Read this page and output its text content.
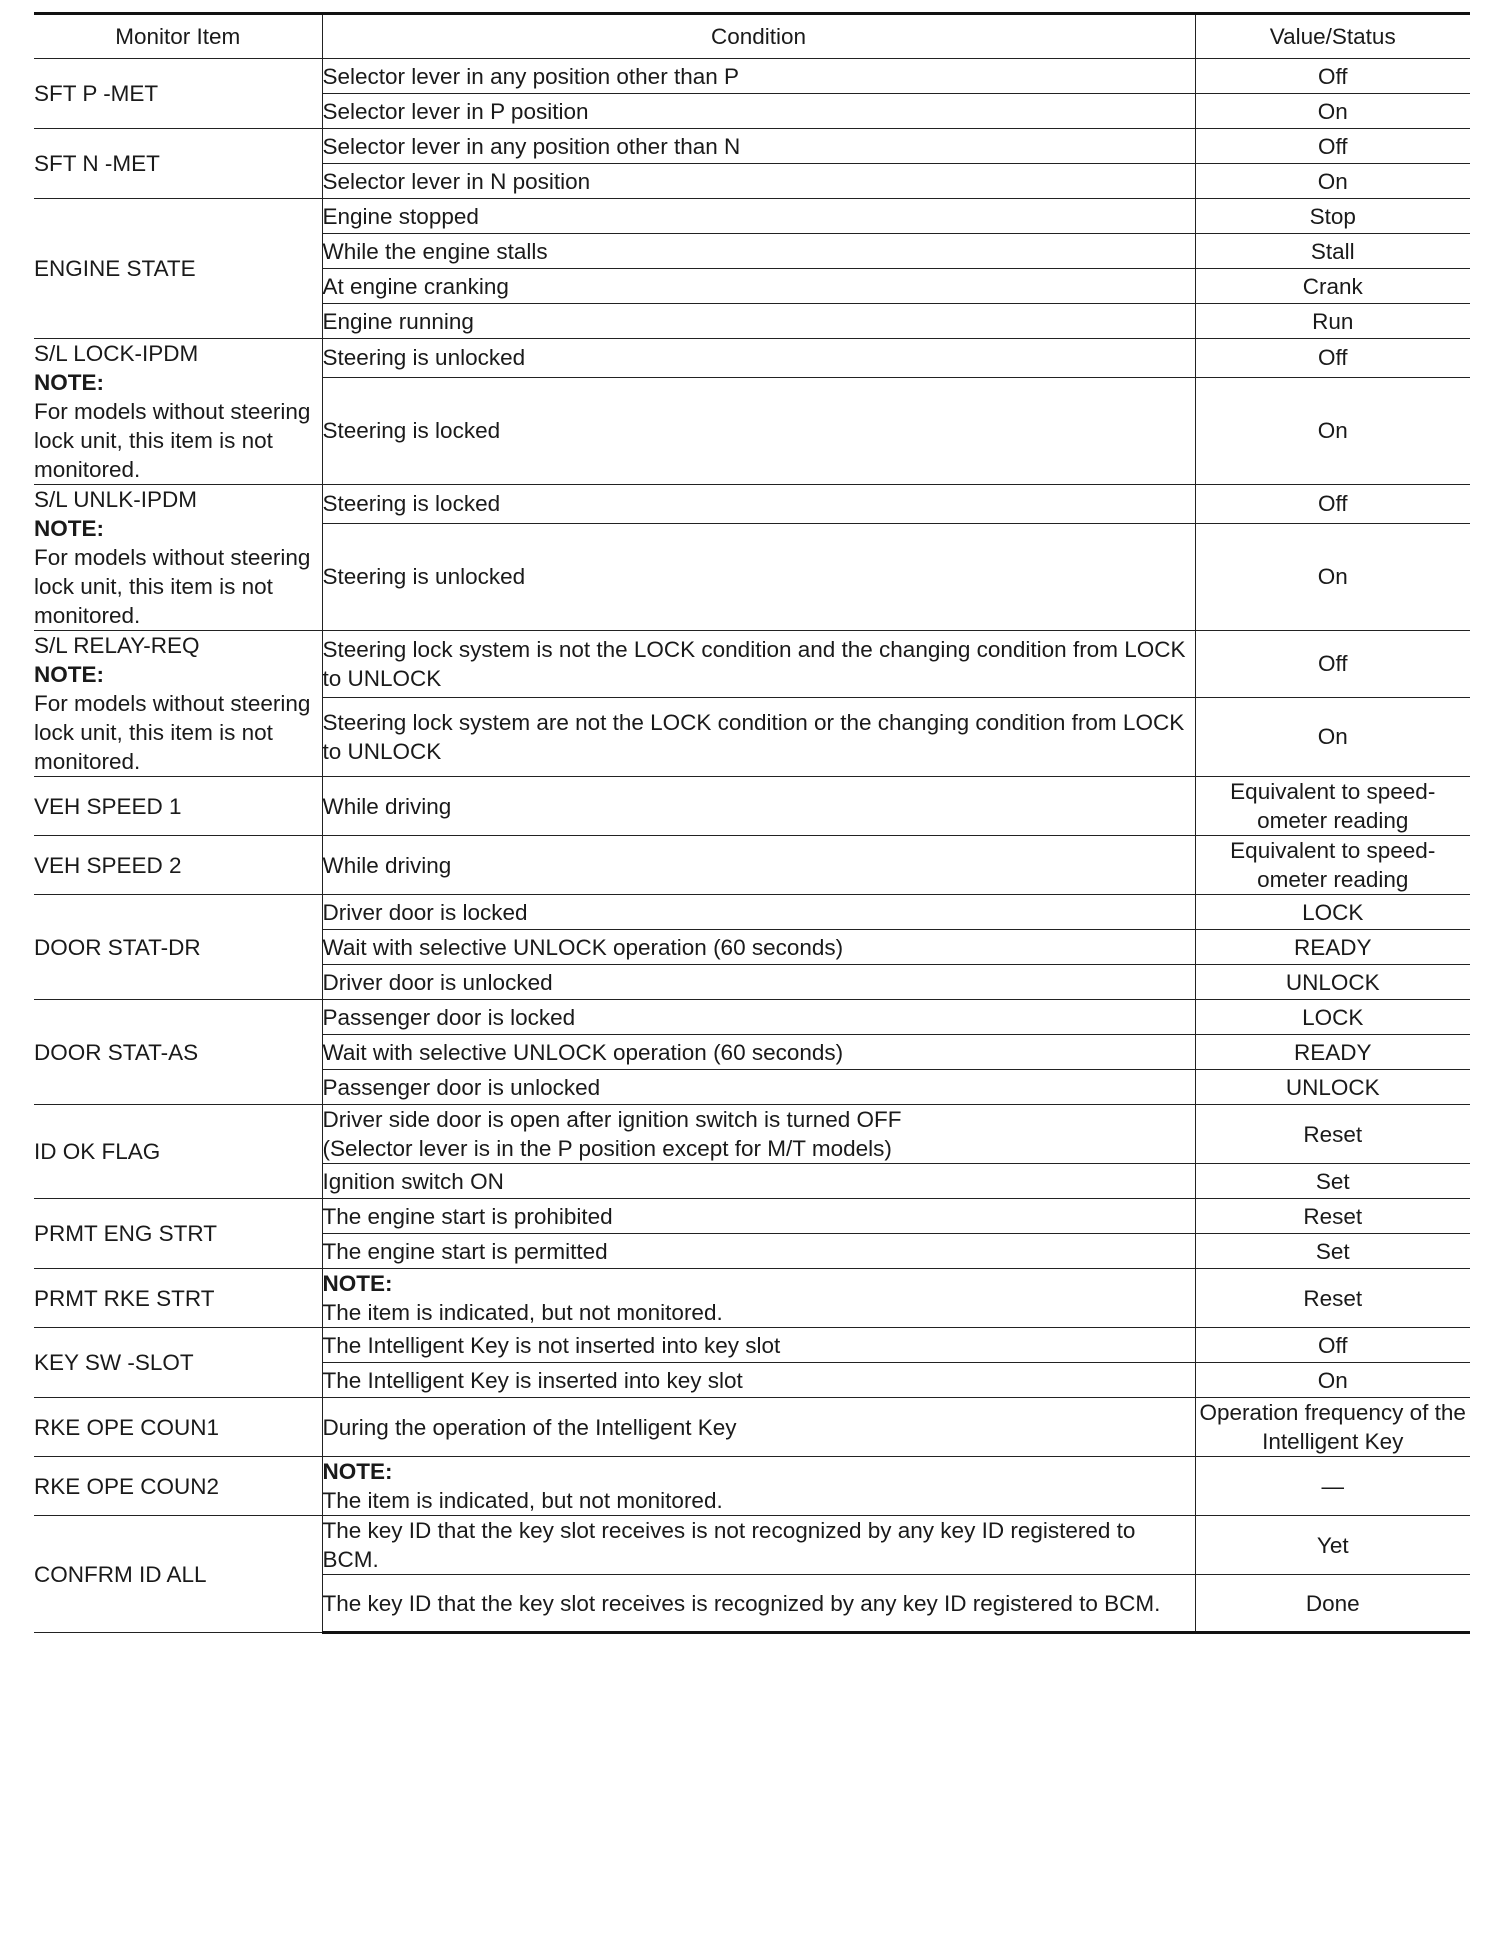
Monitor Item	Condition	Value/Status

SFT P -MET	Selector lever in any position other than P	Off
	Selector lever in P position	On

SFT N -MET	Selector lever in any position other than N	Off
	Selector lever in N position	On

ENGINE STATE	Engine stopped	Stop
	While the engine stalls	Stall
	At engine cranking	Crank
	Engine running	Run

S/L LOCK-IPDM
NOTE:
For models without steering lock unit, this item is not monitored.	Steering is unlocked	Off
	Steering is locked	On

S/L UNLK-IPDM
NOTE:
For models without steering lock unit, this item is not monitored.	Steering is locked	Off
	Steering is unlocked	On

S/L RELAY-REQ
NOTE:
For models without steering lock unit, this item is not monitored.	Steering lock system is not the LOCK condition and the changing condition from LOCK to UNLOCK	Off
	Steering lock system are not the LOCK condition or the changing condition from LOCK to UNLOCK	On

VEH SPEED 1	While driving	Equivalent to speed-ometer reading

VEH SPEED 2	While driving	Equivalent to speed-ometer reading

DOOR STAT-DR	Driver door is locked	LOCK
	Wait with selective UNLOCK operation (60 seconds)	READY
	Driver door is unlocked	UNLOCK

DOOR STAT-AS	Passenger door is locked	LOCK
	Wait with selective UNLOCK operation (60 seconds)	READY
	Passenger door is unlocked	UNLOCK

ID OK FLAG	Driver side door is open after ignition switch is turned OFF
(Selector lever is in the P position except for M/T models)	Reset
	Ignition switch ON	Set

PRMT ENG STRT	The engine start is prohibited	Reset
	The engine start is permitted	Set

PRMT RKE STRT	NOTE:
The item is indicated, but not monitored.	Reset

KEY SW -SLOT	The Intelligent Key is not inserted into key slot	Off
	The Intelligent Key is inserted into key slot	On

RKE OPE COUN1	During the operation of the Intelligent Key	Operation frequency of the Intelligent Key

RKE OPE COUN2	NOTE:
The item is indicated, but not monitored.	—

CONFRM ID ALL	The key ID that the key slot receives is not recognized by any key ID registered to BCM.	Yet
	The key ID that the key slot receives is recognized by any key ID registered to BCM.	Done
